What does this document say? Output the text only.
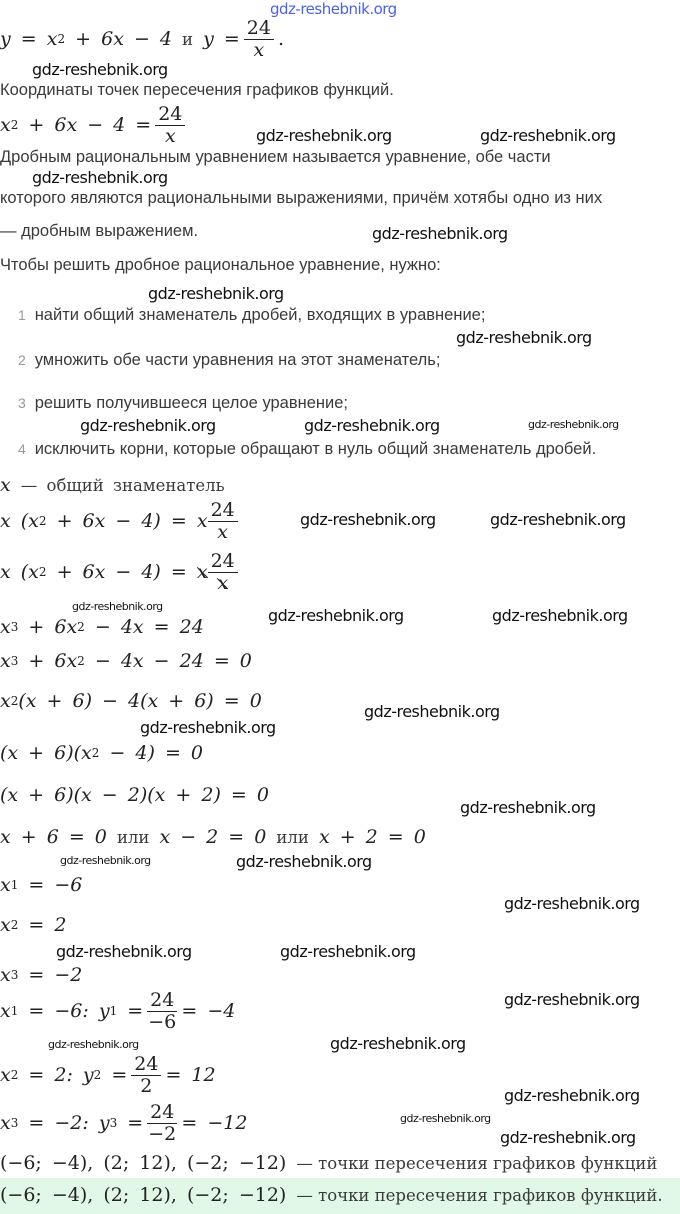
gdz-reshebnik.org
gdz-reshebnik.org
gdz-reshebnik.org	gdz-reshebnik.org
gdz-reshebnik.org
gdz-reshebnik.org
gdz-reshebnik.org
gdz-reshebnik.org
gdz-reshebnik.org	gdz-reshebnik.org	gdz-reshebnik.org
gdz-reshebnik.org	gdz-reshebnik.org
gdz-reshebnik.org	gdz-reshebnik.org	gdz-reshebnik.org
gdz-reshebnik.org
gdz-reshebnik.org
gdz-reshebnik.org
gdz-reshebnik.org	gdz-reshebnik.org
gdz-reshebnik.org
gdz-reshebnik.org	gdz-reshebnik.org
gdz-reshebnik.org
gdz-reshebnik.org	gdz-reshebnik.org
gdz-reshebnik.org
gdz-reshebnik.org
gdz-reshebnik.org
y = x 2
+ 6x − 4
и
$y = \frac{24}{x}$ .
Координаты точек пересечения графиков функций.
x 2
+ $6x - 4 = \frac{24}{x}$
Дробным рациональным уравнением называется уравнение, обе части
которого являются рациональными выражениями, причём хотябы одно из них
— дробным выражением.
Чтобы решить дробное рациональное уравнение, нужно:
1 найти общий знаменатель дробей, входящих в уравнение;
2 умножить обе части уравнения на этот знаменатель;
3 решить получившееся целое уравнение;
4 исключить корни, которые обращают в нуль общий знаменатель дробей.
x
— общий знаменатель
x (x 2
+ 6x − 4) = x $\frac{24}{x}$
x (x 2
+ 6x − 4) =
x $\frac{24}{x}$
x 3
+ 6x 2
− 4x = 24
x 3
+ 6x 2
− 4x − 24 = 0
x 2 (x + 6) − 4(x + 6) = 0
(x + 6)(x 2
− 4) = 0
(x + 6)(x − 2)(x + 2) = 0
x + 6 = 0
или
x − 2 = 0
или
x + 2 = 0
x 1
= −6
x 2
= 2
x 3
= −2
x 1
= −6:
y 1
= $\frac{24}{-6} = -4$
x 2
= 2:
y 2
= $\frac{24}{2} = 12$
x 3
= −2:
y 3
= $\frac{24}{-2} = -12$
(−6; −4), (2; 12), (−2; −12)
— точки пересечения графиков функций
(−6; −4), (2; 12), (−2; −12)
— точки пересечения графиков функций.
